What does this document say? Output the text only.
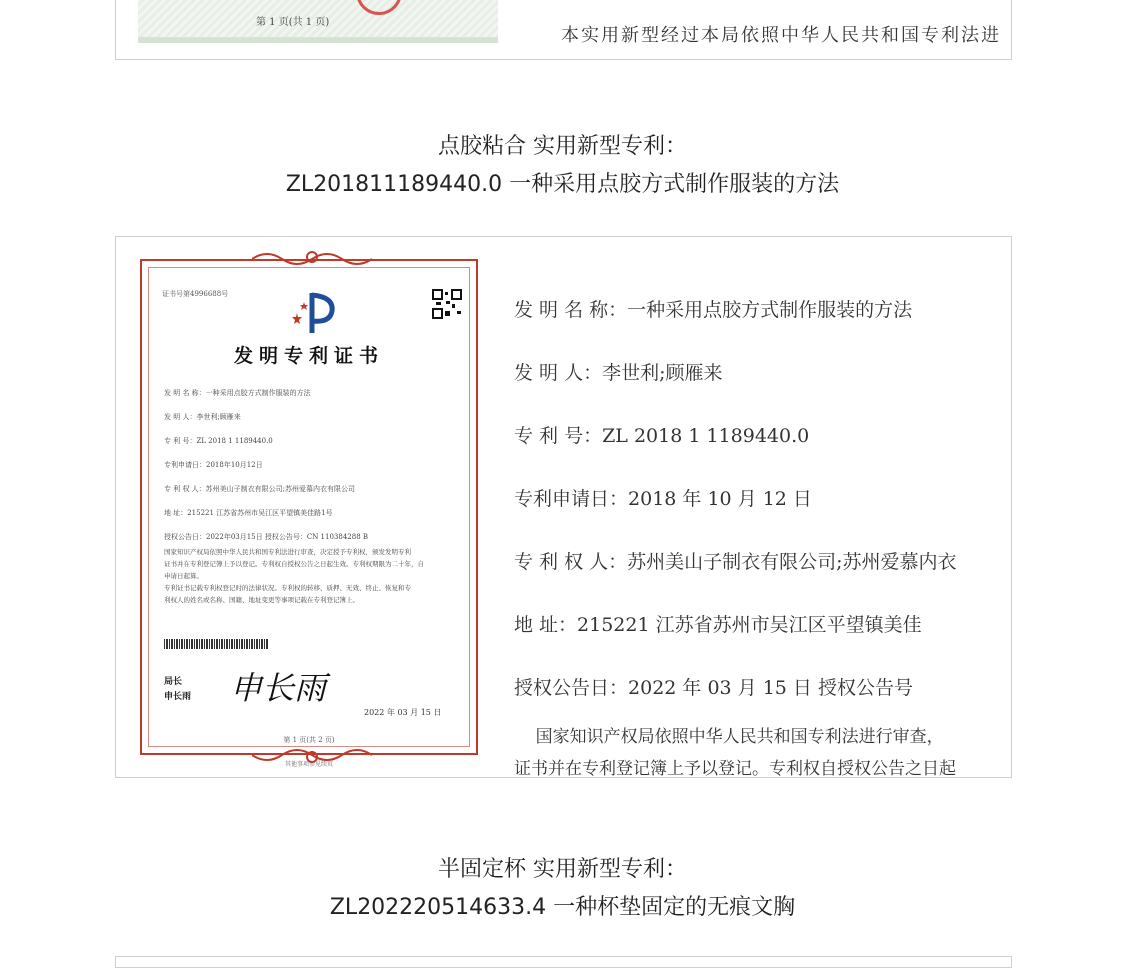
第 1 页(共 1 页)
本实用新型经过本局依照中华人民共和国专利法进
点胶粘合 实用新型专利：
ZL201811189440.0 一种采用点胶方式制作服装的方法
证书号第4996688号
发明专利证书
发 明 名 称：一种采用点胶方式制作服装的方法
发 明 人：李世利;顾雁来
专 利 号：ZL 2018 1 1189440.0
专利申请日：2018年10月12日
专 利 权 人：苏州美山子制衣有限公司;苏州爱慕内衣有限公司
地 址：215221 江苏省苏州市吴江区平望镇美佳路1号
授权公告日：2022年03月15日 授权公告号：CN 110384288 B
国家知识产权局依照中华人民共和国专利法进行审查，决定授予专利权，颁发发明专利
证书并在专利登记簿上予以登记。专利权自授权公告之日起生效。专利权期限为二十年，自
申请日起算。
专利证书记载专利权登记时的法律状况。专利权的转移、质押、无效、终止、恢复和专
利权人的姓名或名称、国籍、地址变更等事项记载在专利登记簿上。
局长
申长雨 申长雨
2022 年 03 月 15 日
第 1 页(共 2 页)
其他事项参见续页
发 明 名 称：一种采用点胶方式制作服装的方法
发 明 人：李世利;顾雁来
专 利 号：ZL 2018 1 1189440.0
专利申请日：2018 年 10 月 12 日
专 利 权 人：苏州美山子制衣有限公司;苏州爱慕内衣
地 址：215221 江苏省苏州市吴江区平望镇美佳
授权公告日：2022 年 03 月 15 日 授权公告号
国家知识产权局依照中华人民共和国专利法进行审查，
证书并在专利登记簿上予以登记。专利权自授权公告之日起
半固定杯 实用新型专利：
ZL202220514633.4 一种杯垫固定的无痕文胸
